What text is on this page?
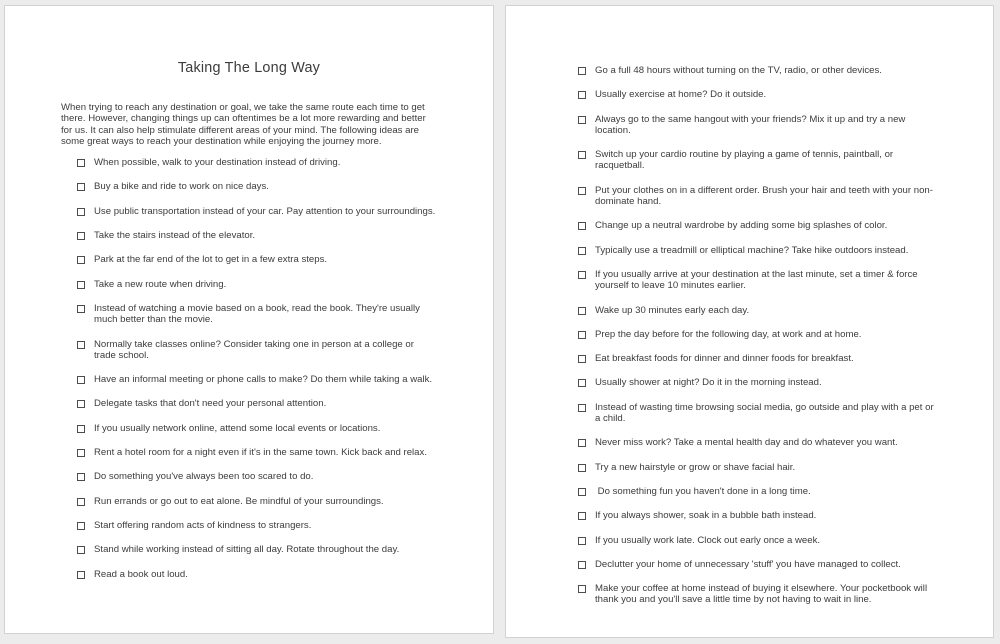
Taking The Long Way

When trying to reach any destination or goal, we take the same route each time to get there. However, changing things up can oftentimes be a lot more rewarding and better for us. It can also help stimulate different areas of your mind. The following ideas are some great ways to reach your destination while enjoying the journey more.

When possible, walk to your destination instead of driving.
Buy a bike and ride to work on nice days.
Use public transportation instead of your car. Pay attention to your surroundings.
Take the stairs instead of the elevator.
Park at the far end of the lot to get in a few extra steps.
Take a new route when driving.
Instead of watching a movie based on a book, read the book. They're usually much better than the movie.
Normally take classes online? Consider taking one in person at a college or trade school.
Have an informal meeting or phone calls to make? Do them while taking a walk.
Delegate tasks that don't need your personal attention.
If you usually network online, attend some local events or locations.
Rent a hotel room for a night even if it's in the same town. Kick back and relax.
Do something you've always been too scared to do.
Run errands or go out to eat alone. Be mindful of your surroundings.
Start offering random acts of kindness to strangers.
Stand while working instead of sitting all day. Rotate throughout the day.
Read a book out loud.
Go a full 48 hours without turning on the TV, radio, or other devices.
Usually exercise at home? Do it outside.
Always go to the same hangout with your friends? Mix it up and try a new location.
Switch up your cardio routine by playing a game of tennis, paintball, or racquetball.
Put your clothes on in a different order. Brush your hair and teeth with your non-dominate hand.
Change up a neutral wardrobe by adding some big splashes of color.
Typically use a treadmill or elliptical machine? Take hike outdoors instead.
If you usually arrive at your destination at the last minute, set a timer & force yourself to leave 10 minutes earlier.
Wake up 30 minutes early each day.
Prep the day before for the following day, at work and at home.
Eat breakfast foods for dinner and dinner foods for breakfast.
Usually shower at night? Do it in the morning instead.
Instead of wasting time browsing social media, go outside and play with a pet or a child.
Never miss work? Take a mental health day and do whatever you want.
Try a new hairstyle or grow or shave facial hair.
Do something fun you haven't done in a long time.
If you always shower, soak in a bubble bath instead.
If you usually work late. Clock out early once a week.
Declutter your home of unnecessary 'stuff' you have managed to collect.
Make your coffee at home instead of buying it elsewhere. Your pocketbook will thank you and you'll save a little time by not having to wait in line.
